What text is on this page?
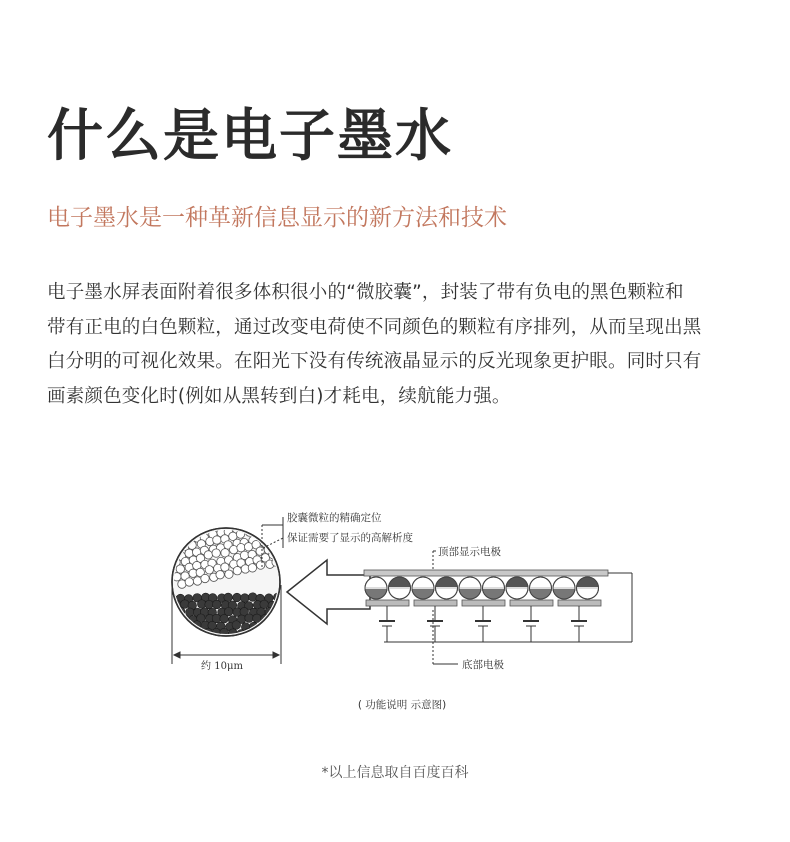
什么是电子墨水
电子墨水是一种革新信息显示的新方法和技术
电子墨水屏表面附着很多体积很小的“微胶囊”，封装了带有负电的黑色颗粒和
带有正电的白色颗粒，通过改变电荷使不同颜色的颗粒有序排列，从而呈现出黑
白分明的可视化效果。在阳光下没有传统液晶显示的反光现象更护眼。同时只有
画素颜色变化时(例如从黑转到白)才耗电，续航能力强。
约 10μm
胶囊微粒的精确定位
保证需要了显示的高解析度
顶部显示电极
底部电极
( 功能说明 示意图)
*以上信息取自百度百科
